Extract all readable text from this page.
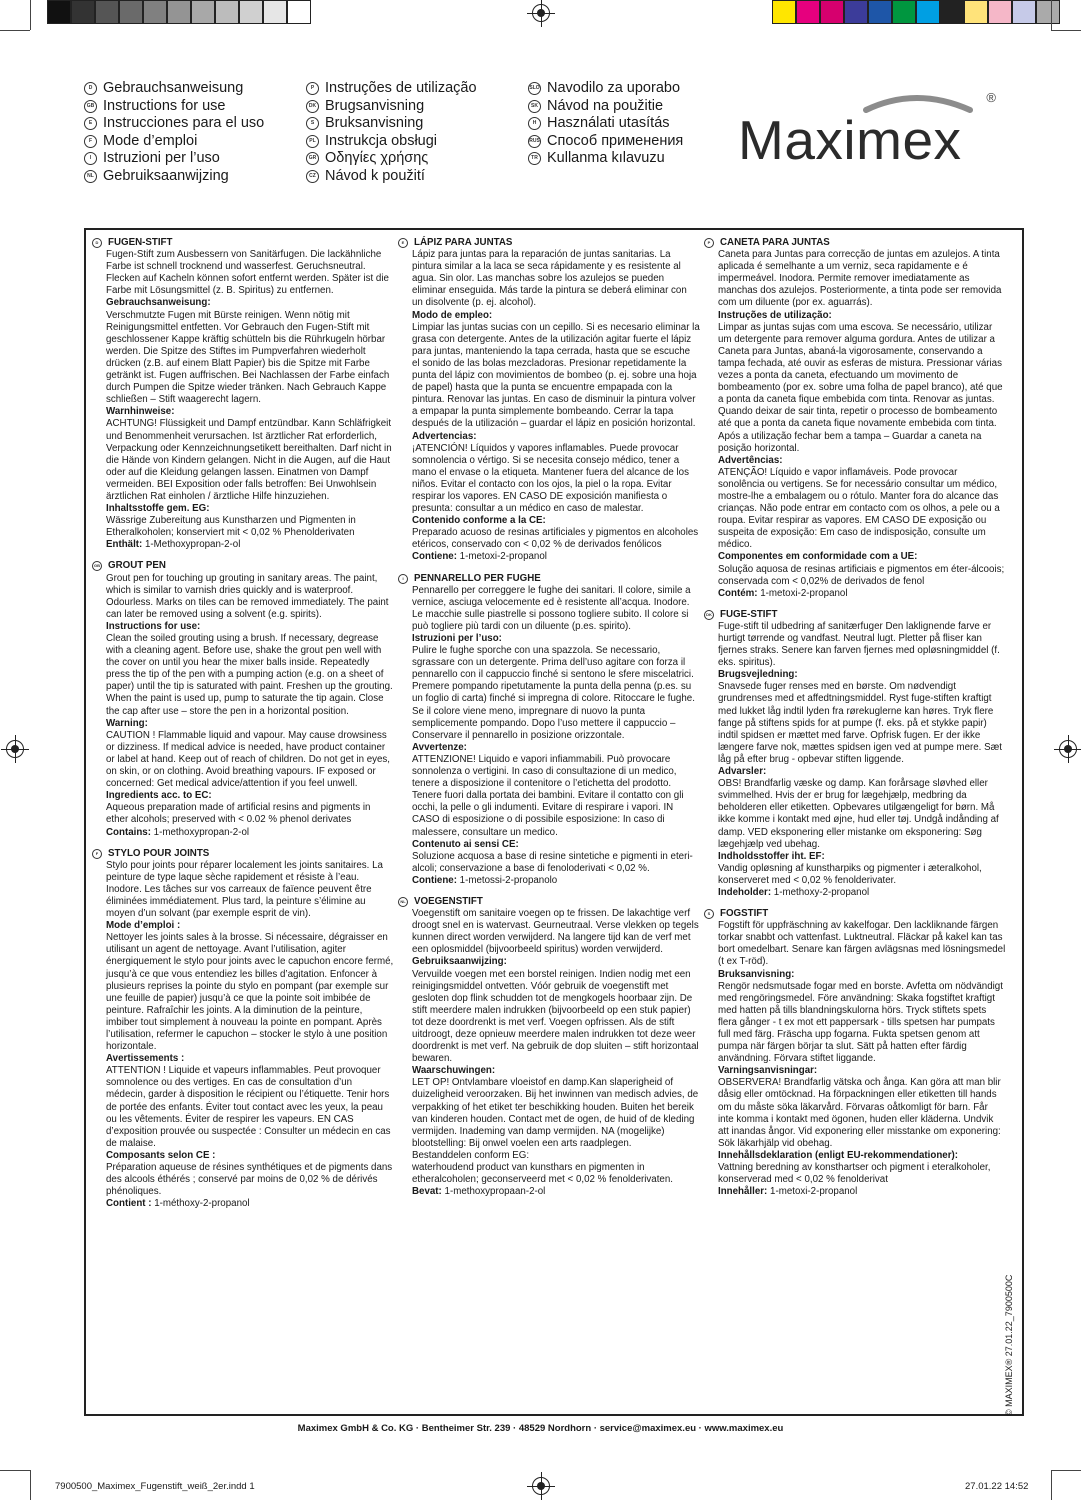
D Gebrauchsanweisung
GB Instructions for use
E Instrucciones para el uso
F Mode d’emploi
I Istruzioni per l’uso
NL Gebruiksaanwijzing
P Instruções de utilização
DK Brugsanvisning
S Bruksanvisning
PL Instrukcja obsługi
GR Οδηγίες χρήσης
CZ Návod k použití
SLO Navodilo za uporabo
SK Návod na použitie
H Használati utasítás
RUS Способ применения
TR Kullanma kılavuzu Maximex
®
D FUGEN-STIFT
Fugen-Stift zum Ausbessern von Sanitärfugen. Die lackähnliche Farbe ist schnell trocknend und wasserfest. Geruchsneutral. Flecken auf Kacheln können sofort entfernt werden. Später ist die Farbe mit Lösungsmittel (z. B. Spiritus) zu entfernen.
Gebrauchsanweisung:
Verschmutzte Fugen mit Bürste reinigen. Wenn nötig mit Reinigungsmittel entfetten. Vor Gebrauch den Fugen-Stift mit geschlossener Kappe kräftig schütteln bis die Rührkugeln hörbar werden. Die Spitze des Stiftes im Pumpverfahren wiederholt drücken (z.B. auf einem Blatt Papier) bis die Spitze mit Farbe getränkt ist. Fugen auffrischen. Bei Nachlassen der Farbe einfach durch Pumpen die Spitze wieder tränken. Nach Gebrauch Kappe schließen – Stift waagerecht lagern.
Warnhinweise:
ACHTUNG! Flüssigkeit und Dampf entzündbar. Kann Schläfrigkeit und Benommenheit verursachen. Ist ärztlicher Rat erforderlich, Verpackung oder Kennzeichnungsetikett bereithalten. Darf nicht in die Hände von Kindern gelangen. Nicht in die Augen, auf die Haut oder auf die Kleidung gelangen lassen. Einatmen von Dampf vermeiden. BEI Exposition oder falls betroffen: Bei Unwohlsein ärztlichen Rat einholen / ärztliche Hilfe hinzuziehen.
Inhaltsstoffe gem. EG:
Wässrige Zubereitung aus Kunstharzen und Pigmenten in Etheralkoholen; konserviert mit < 0,02 % Phenolderivaten
Enthält: 1-Methoxypropan-2-ol
GB GROUT PEN
Grout pen for touching up grouting in sanitary areas. The paint, which is similar to varnish dries quickly and is waterproof. Odourless. Marks on tiles can be removed immediately. The paint can later be removed using a solvent (e.g. spirits).
Instructions for use:
Clean the soiled grouting using a brush. If necessary, degrease with a cleaning agent. Before use, shake the grout pen well with the cover on until you hear the mixer balls inside. Repeatedly press the tip of the pen with a pumping action (e.g. on a sheet of paper) until the tip is saturated with paint. Freshen up the grouting. When the paint is used up, pump to saturate the tip again. Close the cap after use – store the pen in a horizontal position.
Warning:
CAUTION ! Flammable liquid and vapour. May cause drowsiness or dizziness. If medical advice is needed, have product container or label at hand. Keep out of reach of children. Do not get in eyes, on skin, or on clothing. Avoid breathing vapours. IF exposed or concerned: Get medical advice/attention if you feel unwell.
Ingredients acc. to EC:
Aqueous preparation made of artificial resins and pigments in ether alcohols; preserved with < 0.02 % phenol derivates
Contains: 1-methoxypropan-2-ol
F	STYLO POUR JOINTS
Stylo pour joints pour réparer localement les joints sanitaires. La peinture de type laque sèche rapidement et résiste à l’eau. Inodore. Les tâches sur vos carreaux de faïence peuvent être éliminées immédiatement. Plus tard, la peinture s’élimine au moyen d’un solvant (par exemple esprit de vin).
Mode d’emploi :
Nettoyer les joints sales à la brosse. Si nécessaire, dégraisser en utilisant un agent de nettoyage. Avant l’utilisation, agiter énergiquement le stylo pour joints avec le capuchon encore fermé, jusqu’à ce que vous entendiez les billes d’agitation. Enfoncer à plusieurs reprises la pointe du stylo en pompant (par exemple sur une feuille de papier) jusqu’à ce que la pointe soit imbibée de peinture. Rafraîchir les joints. A la diminution de la peinture, imbiber tout simplement à nouveau la pointe en pompant. Après l’utilisation, refermer le capuchon – stocker le stylo à une position horizontale.
Avertissements :
ATTENTION ! Liquide et vapeurs inflammables. Peut provoquer somnolence ou des vertiges. En cas de consultation d’un médecin, garder à disposition le récipient ou l’étiquette. Tenir hors de portée des enfants. Éviter tout contact avec les yeux, la peau ou les vêtements. Éviter de respirer les vapeurs. EN CAS d’exposition prouvée ou suspectée : Consulter un médecin en cas de malaise.
Composants selon CE :
Préparation aqueuse de résines synthétiques et de pigments dans des alcools éthérés ; conservé par moins de 0,02 % de dérivés phénoliques.
Contient : 1-méthoxy-2-propanol
E LÁPIZ PARA JUNTAS
Lápiz para juntas para la reparación de juntas sanitarias. La pintura similar a la laca se seca rápidamente y es resistente al agua. Sin olor. Las manchas sobre los azulejos se pueden eliminar enseguida. Más tarde la pintura se deberá eliminar con un disolvente (p. ej. alcohol).
Modo de empleo:
Limpiar las juntas sucias con un cepillo. Si es necesario eliminar la grasa con detergente. Antes de la utilización agitar fuerte el lápiz para juntas, manteniendo la tapa cerrada, hasta que se escuche el sonido de las bolas mezcladoras. Presionar repetidamente la punta del lápiz con movimientos de bombeo (p. ej. sobre una hoja de papel) hasta que la punta se encuentre empapada con la pintura. Renovar las juntas. En caso de disminuir la pintura volver a empapar la punta simplemente bombeando. Cerrar la tapa después de la utilización – guardar el lápiz en posición horizontal.
Advertencias:
¡ATENCIÓN! Líquidos y vapores inflamables. Puede provocar somnolencia o vértigo. Si se necesita consejo médico, tener a mano el envase o la etiqueta. Mantener fuera del alcance de los niños. Evitar el contacto con los ojos, la piel o la ropa. Evitar respirar los vapores. EN CASO DE exposición manifiesta o presunta: consultar a un médico en caso de malestar.
Contenido conforme a la CE:
Preparado acuoso de resinas artificiales y pigmentos en alcoholes etéricos, conservado con < 0,02 % de derivados fenólicos
Contiene: 1-metoxi-2-propanol
I	PENNARELLO PER FUGHE
Pennarello per correggere le fughe dei sanitari. Il colore, simile a vernice, asciuga velocemente ed è resistente all’acqua. Inodore. Le macchie sulle piastrelle si possono togliere subito. Il colore si può togliere più tardi con un diluente (p.es. spirito).
Istruzioni per l’uso:
Pulire le fughe sporche con una spazzola. Se necessario, sgrassare con un detergente. Prima dell’uso agitare con forza il pennarello con il cappuccio finché si sentono le sfere miscelatrici. Premere pompando ripetutamente la punta della penna (p.es. su un foglio di carta) finché si impregna di colore. Ritoccare le fughe. Se il colore viene meno, impregnare di nuovo la punta semplicemente pompando. Dopo l’uso mettere il cappuccio – Conservare il pennarello in posizione orizzontale.
Avvertenze:
ATTENZIONE! Liquido e vapori infiammabili. Può provocare sonnolenza o vertigini. In caso di consultazione di un medico, tenere a disposizione il contenitore o l’etichetta del prodotto. Tenere fuori dalla portata dei bambini. Evitare il contatto con gli occhi, la pelle o gli indumenti. Evitare di respirare i vapori. IN CASO di esposizione o di possibile esposizione: In caso di malessere, consultare un medico.
Contenuto ai sensi CE:
Soluzione acquosa a base di resine sintetiche e pigmenti in eteri-alcoli; conservazione a base di fenoloderivati < 0,02 %.
Contiene: 1-metossi-2-propanolo
NL VOEGENSTIFT
Voegenstift om sanitaire voegen op te frissen. De lakachtige verf droogt snel en is watervast. Geurneutraal. Verse vlekken op tegels kunnen direct worden verwijderd. Na langere tijd kan de verf met een oplosmiddel (bijvoorbeeld spiritus) worden verwijderd.
Gebruiksaanwijzing:
Vervuilde voegen met een borstel reinigen. Indien nodig met een reinigingsmiddel ontvetten. Vóór gebruik de voegenstift met gesloten dop flink schudden tot de mengkogels hoorbaar zijn. De stift meerdere malen indrukken (bijvoorbeeld op een stuk papier) tot deze doordrenkt is met verf. Voegen opfrissen. Als de stift uitdroogt, deze opnieuw meerdere malen indrukken tot deze weer doordrenkt is met verf. Na gebruik de dop sluiten – stift horizontaal bewaren.
Waarschuwingen:
LET OP! Ontvlambare vloeistof en damp.Kan slaperigheid of duizeligheid veroorzaken. Bij het inwinnen van medisch advies, de verpakking of het etiket ter beschikking houden. Buiten het bereik van kinderen houden. Contact met de ogen, de huid of de kleding vermijden. Inademing van damp vermijden. NA (mogelijke) blootstelling: Bij onwel voelen een arts raadplegen.
Bestanddelen conform EG:
waterhoudend product van kunsthars en pigmenten in etheralcoholen; geconserveerd met < 0,02 % fenolderivaten.
Bevat: 1-methoxypropaan-2-ol
P CANETA PARA JUNTAS
Caneta para Juntas para correcção de juntas em azulejos. A tinta aplicada é semelhante a um verniz, seca rapidamente e é impermeável. Inodora. Permite remover imediatamente as manchas dos azulejos. Posteriormente, a tinta pode ser removida com um diluente (por ex. aguarrás).
Instruções de utilização:
Limpar as juntas sujas com uma escova. Se necessário, utilizar um detergente para remover alguma gordura. Antes de utilizar a Caneta para Juntas, abaná-la vigorosamente, conservando a tampa fechada, até ouvir as esferas de mistura. Pressionar várias vezes a ponta da caneta, efectuando um movimento de bombeamento (por ex. sobre uma folha de papel branco), até que a ponta da caneta fique embebida com tinta. Renovar as juntas. Quando deixar de sair tinta, repetir o processo de bombeamento até que a ponta da caneta fique novamente embebida com tinta. Após a utilização fechar bem a tampa – Guardar a caneta na posição horizontal.
Advertências:
ATENÇÃO! Líquido e vapor inflamáveis. Pode provocar sonolência ou vertigens. Se for necessário consultar um médico, mostre-lhe a embalagem ou o rótulo. Manter fora do alcance das crianças. Não pode entrar em contacto com os olhos, a pele ou a roupa. Evitar respirar as vapores. EM CASO DE exposição ou suspeita de exposição: Em caso de indisposição, consulte um médico.
Componentes em conformidade com a UE:
Solução aquosa de resinas artificiais e pigmentos em éter-álcoois; conservada com < 0,02% de derivados de fenol
Contém: 1-metoxi-2-propanol
DK FUGE-STIFT
Fuge-stift til udbedring af sanitærfuger Den laklignende farve er hurtigt tørrende og vandfast. Neutral lugt. Pletter på fliser kan fjernes straks. Senere kan farven fjernes med opløsningmiddel (f. eks. spiritus).
Brugsvejledning:
Snavsede fuger renses med en børste. Om nødvendigt grundrenses med et affedtningsmiddel. Ryst fuge-stiften kraftigt med lukket låg indtil lyden fra rørekuglerne kan høres. Tryk flere fange på stiftens spids for at pumpe (f. eks. på et stykke papir) indtil spidsen er mættet med farve. Opfrisk fugen. Er der ikke længere farve nok, mættes spidsen igen ved at pumpe mere. Sæt låg på efter brug - opbevar stiften liggende.
Advarsler:
OBS! Brandfarlig væske og damp. Kan forårsage sløvhed eller svimmelhed. Hvis der er brug for lægehjælp, medbring da beholderen eller etiketten. Opbevares utilgængeligt for børn. Må ikke komme i kontakt med øjne, hud eller tøj. Undgå indånding af damp. VED eksponering eller mistanke om eksponering: Søg lægehjælp ved ubehag.
Indholdsstoffer iht. EF:
Vandig opløsning af kunstharpiks og pigmenter i æteralkohol, konserveret med < 0,02 % fenolderivater.
Indeholder: 1-methoxy-2-propanol
S FOGSTIFT
Fogstift för uppfräschning av kakelfogar. Den lackliknande färgen torkar snabbt och vattenfast. Luktneutral. Fläckar på kakel kan tas bort omedelbart. Senare kan färgen avlägsnas med lösningsmedel (t ex T-röd).
Bruksanvisning:
Rengör nedsmutsade fogar med en borste. Avfetta om nödvändigt med rengöringsmedel. Före användning: Skaka fogstiftet kraftigt med hatten på tills blandningskulorna hörs. Tryck stiftets spets flera gånger - t ex mot ett pappersark - tills spetsen har pumpats full med färg. Fräscha upp fogarna. Fukta spetsen genom att pumpa när färgen börjar ta slut. Sätt på hatten efter färdig användning. Förvara stiftet liggande.
Varningsanvisningar:
OBSERVERA! Brandfarlig vätska och ånga. Kan göra att man blir dåsig eller omtöcknad. Ha förpackningen eller etiketten till hands om du måste söka läkarvård. Förvaras oåtkomligt för barn. Får inte komma i kontakt med ögonen, huden eller kläderna. Undvik att inandas ångor. Vid exponering eller misstanke om exponering: Sök läkarhjälp vid obehag.
Innehållsdeklaration (enligt EU-rekommendationer):
Vattning beredning av konsthartser och pigment i eteralkoholer, konserverad med < 0,02 % fenolderivat
Innehåller: 1-metoxi-2-propanol
Maximex GmbH & Co. KG · Bentheimer Str. 239 · 48529 Nordhorn · service@maximex.eu · www.maximex.eu
© MAXIMEX® 27.01.22_7900500C
7900500_Maximex_Fugenstift_weiß_2er.indd 1	27.01.22 14:52
